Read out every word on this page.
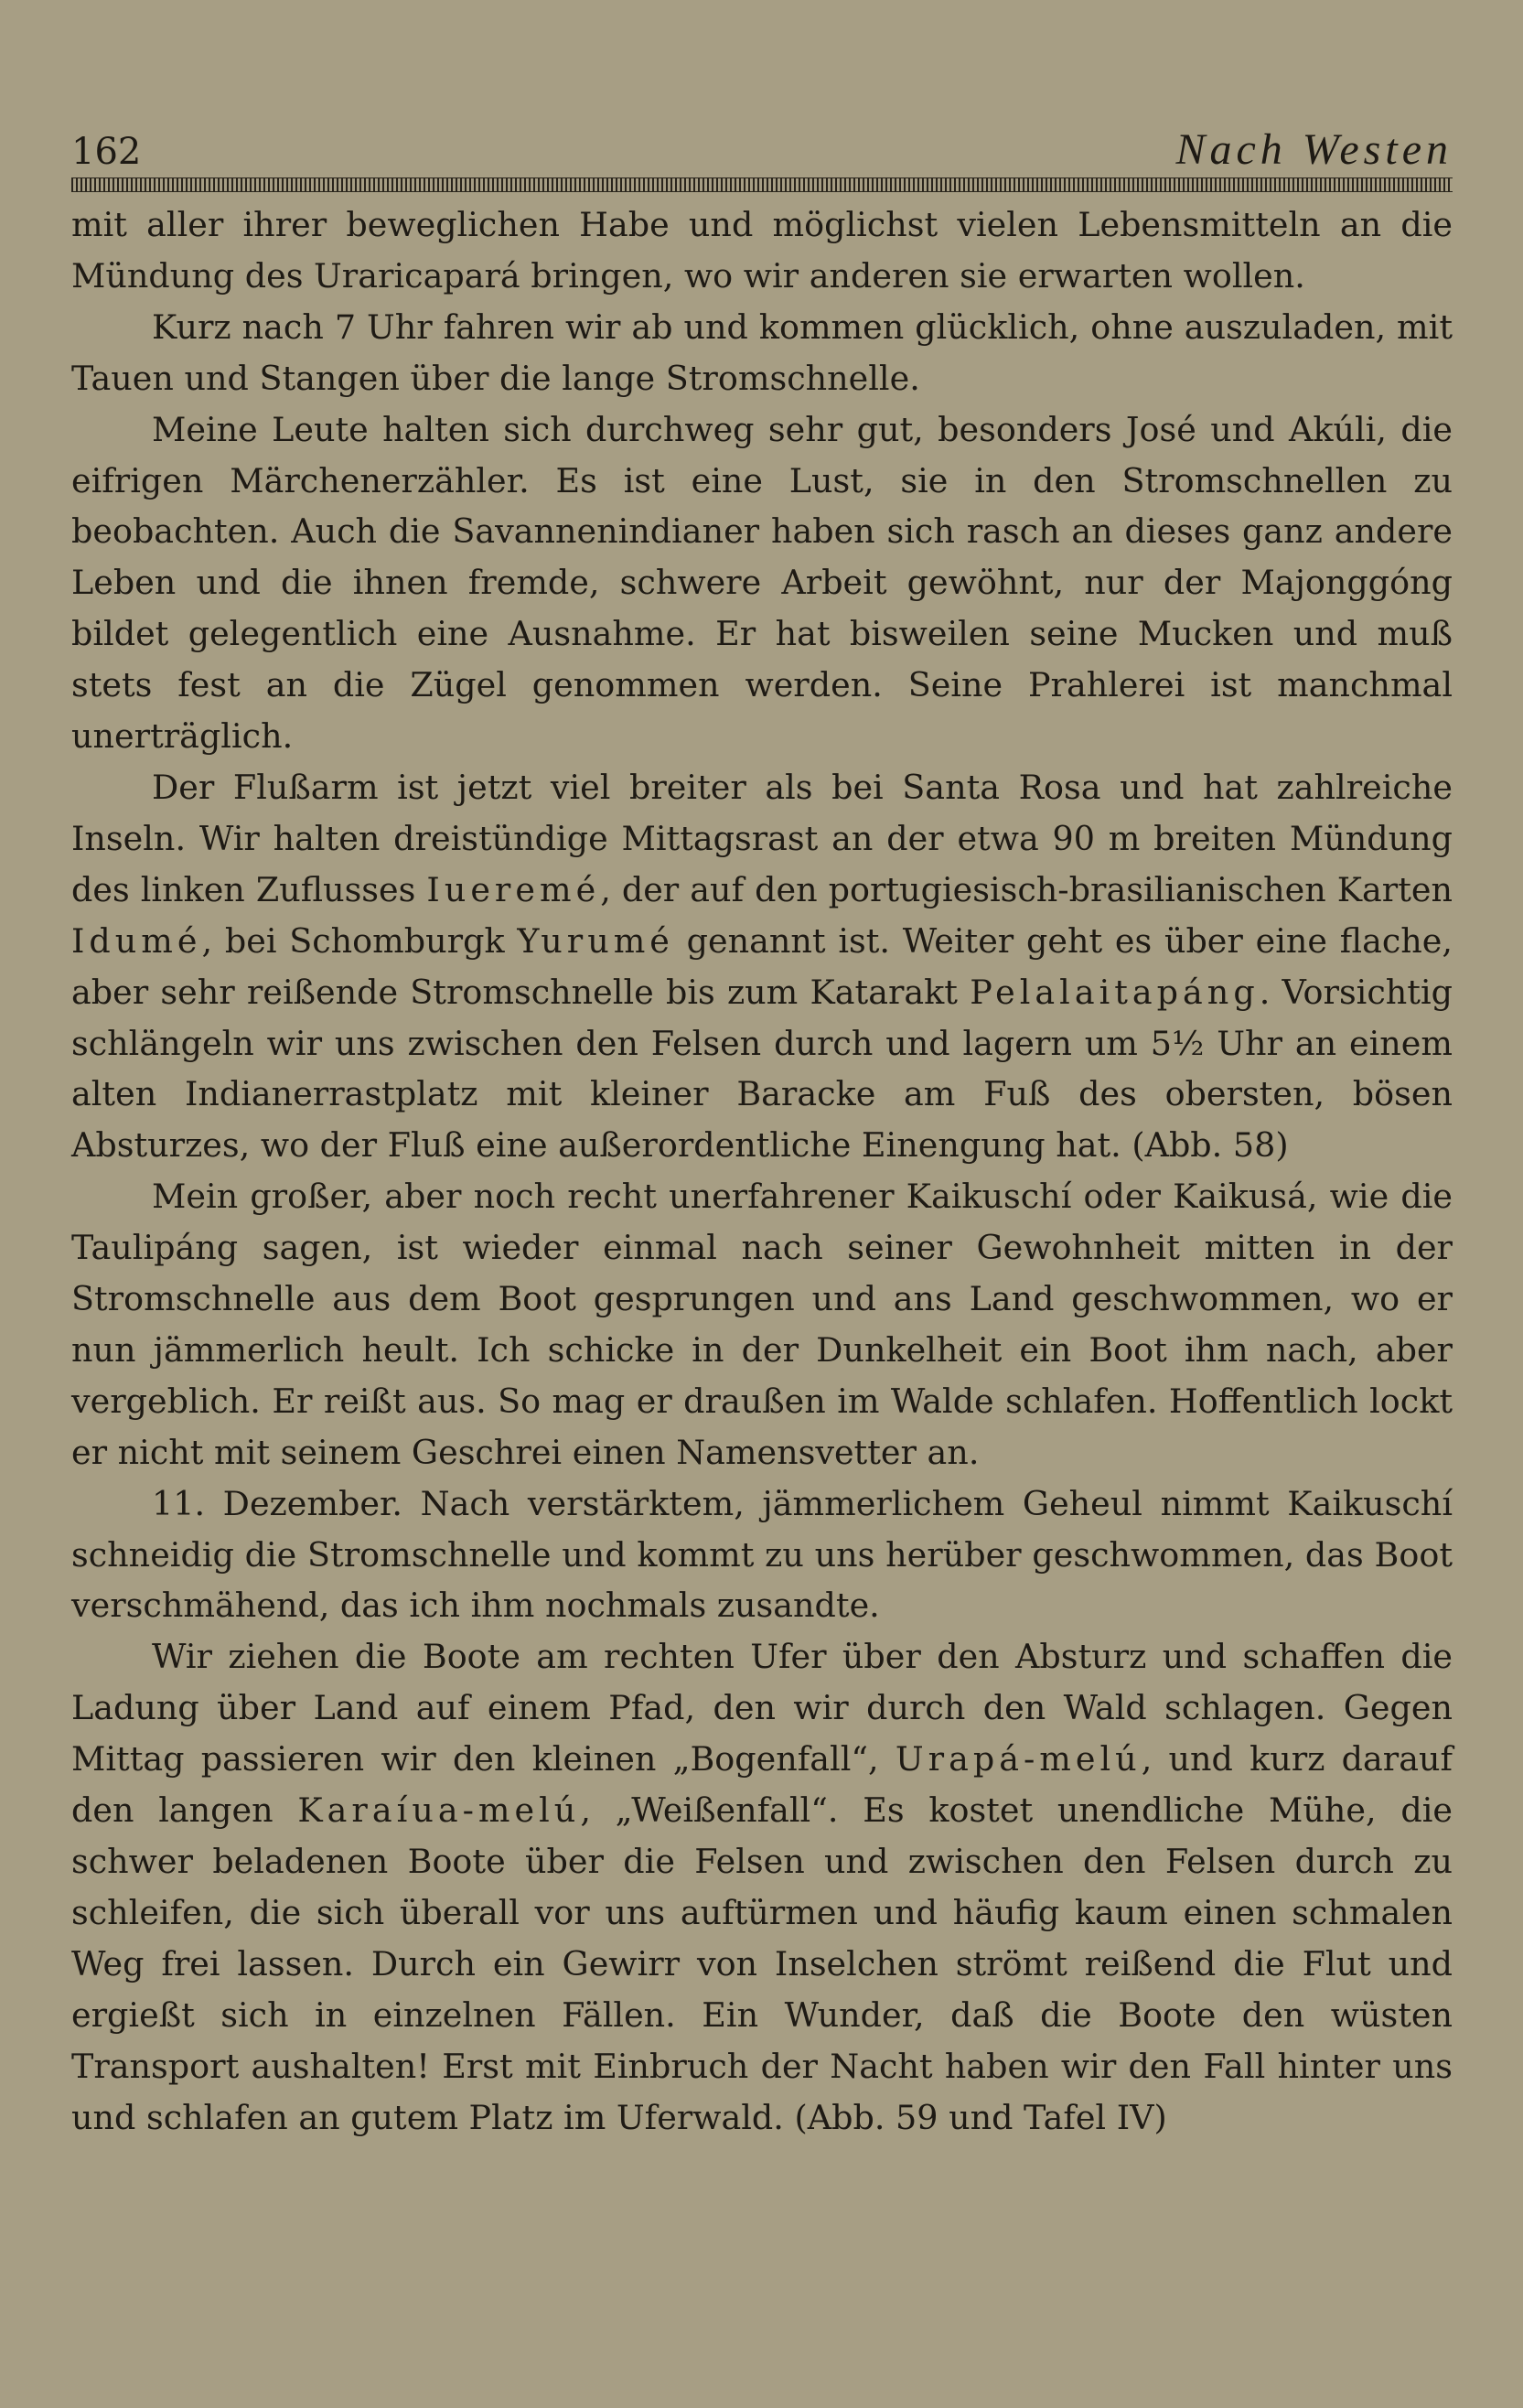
162	Nach Westen

mit aller ihrer beweglichen Habe und möglichst vielen Lebensmitteln an die Mündung des Uraricapará bringen, wo wir anderen sie erwarten wollen.

Kurz nach 7 Uhr fahren wir ab und kommen glücklich, ohne auszuladen, mit Tauen und Stangen über die lange Stromschnelle.

Meine Leute halten sich durchweg sehr gut, besonders José und Akúli, die eifrigen Märchenerzähler. Es ist eine Lust, sie in den Stromschnellen zu beobachten. Auch die Savannenindianer haben sich rasch an dieses ganz andere Leben und die ihnen fremde, schwere Arbeit gewöhnt, nur der Majonggóng bildet gelegentlich eine Ausnahme. Er hat bisweilen seine Mucken und muß stets fest an die Zügel genommen werden. Seine Prahlerei ist manchmal unerträglich.

Der Flußarm ist jetzt viel breiter als bei Santa Rosa und hat zahlreiche Inseln. Wir halten dreistündige Mittagsrast an der etwa 90 m breiten Mündung des linken Zuflusses Iueremé, der auf den portugiesisch-brasilianischen Karten Idumé, bei Schomburgk Yurumé genannt ist. Weiter geht es über eine flache, aber sehr reißende Stromschnelle bis zum Katarakt Pelalaitapáng. Vorsichtig schlängeln wir uns zwischen den Felsen durch und lagern um 5½ Uhr an einem alten Indianerrastplatz mit kleiner Baracke am Fuß des obersten, bösen Absturzes, wo der Fluß eine außerordentliche Einengung hat. (Abb. 58)

Mein großer, aber noch recht unerfahrener Kaikuschí oder Kaikusá, wie die Taulipáng sagen, ist wieder einmal nach seiner Gewohnheit mitten in der Stromschnelle aus dem Boot gesprungen und ans Land geschwommen, wo er nun jämmerlich heult. Ich schicke in der Dunkelheit ein Boot ihm nach, aber vergeblich. Er reißt aus. So mag er draußen im Walde schlafen. Hoffentlich lockt er nicht mit seinem Geschrei einen Namensvetter an.

11. Dezember. Nach verstärktem, jämmerlichem Geheul nimmt Kaikuschí schneidig die Stromschnelle und kommt zu uns herüber geschwommen, das Boot verschmähend, das ich ihm nochmals zusandte.

Wir ziehen die Boote am rechten Ufer über den Absturz und schaffen die Ladung über Land auf einem Pfad, den wir durch den Wald schlagen. Gegen Mittag passieren wir den kleinen „Bogenfall“, Urapá-melú, und kurz darauf den langen Karaíua-melú, „Weißenfall“. Es kostet unendliche Mühe, die schwer beladenen Boote über die Felsen und zwischen den Felsen durch zu schleifen, die sich überall vor uns auftürmen und häufig kaum einen schmalen Weg frei lassen. Durch ein Gewirr von Inselchen strömt reißend die Flut und ergießt sich in einzelnen Fällen. Ein Wunder, daß die Boote den wüsten Transport aushalten! Erst mit Einbruch der Nacht haben wir den Fall hinter uns und schlafen an gutem Platz im Uferwald. (Abb. 59 und Tafel IV)
